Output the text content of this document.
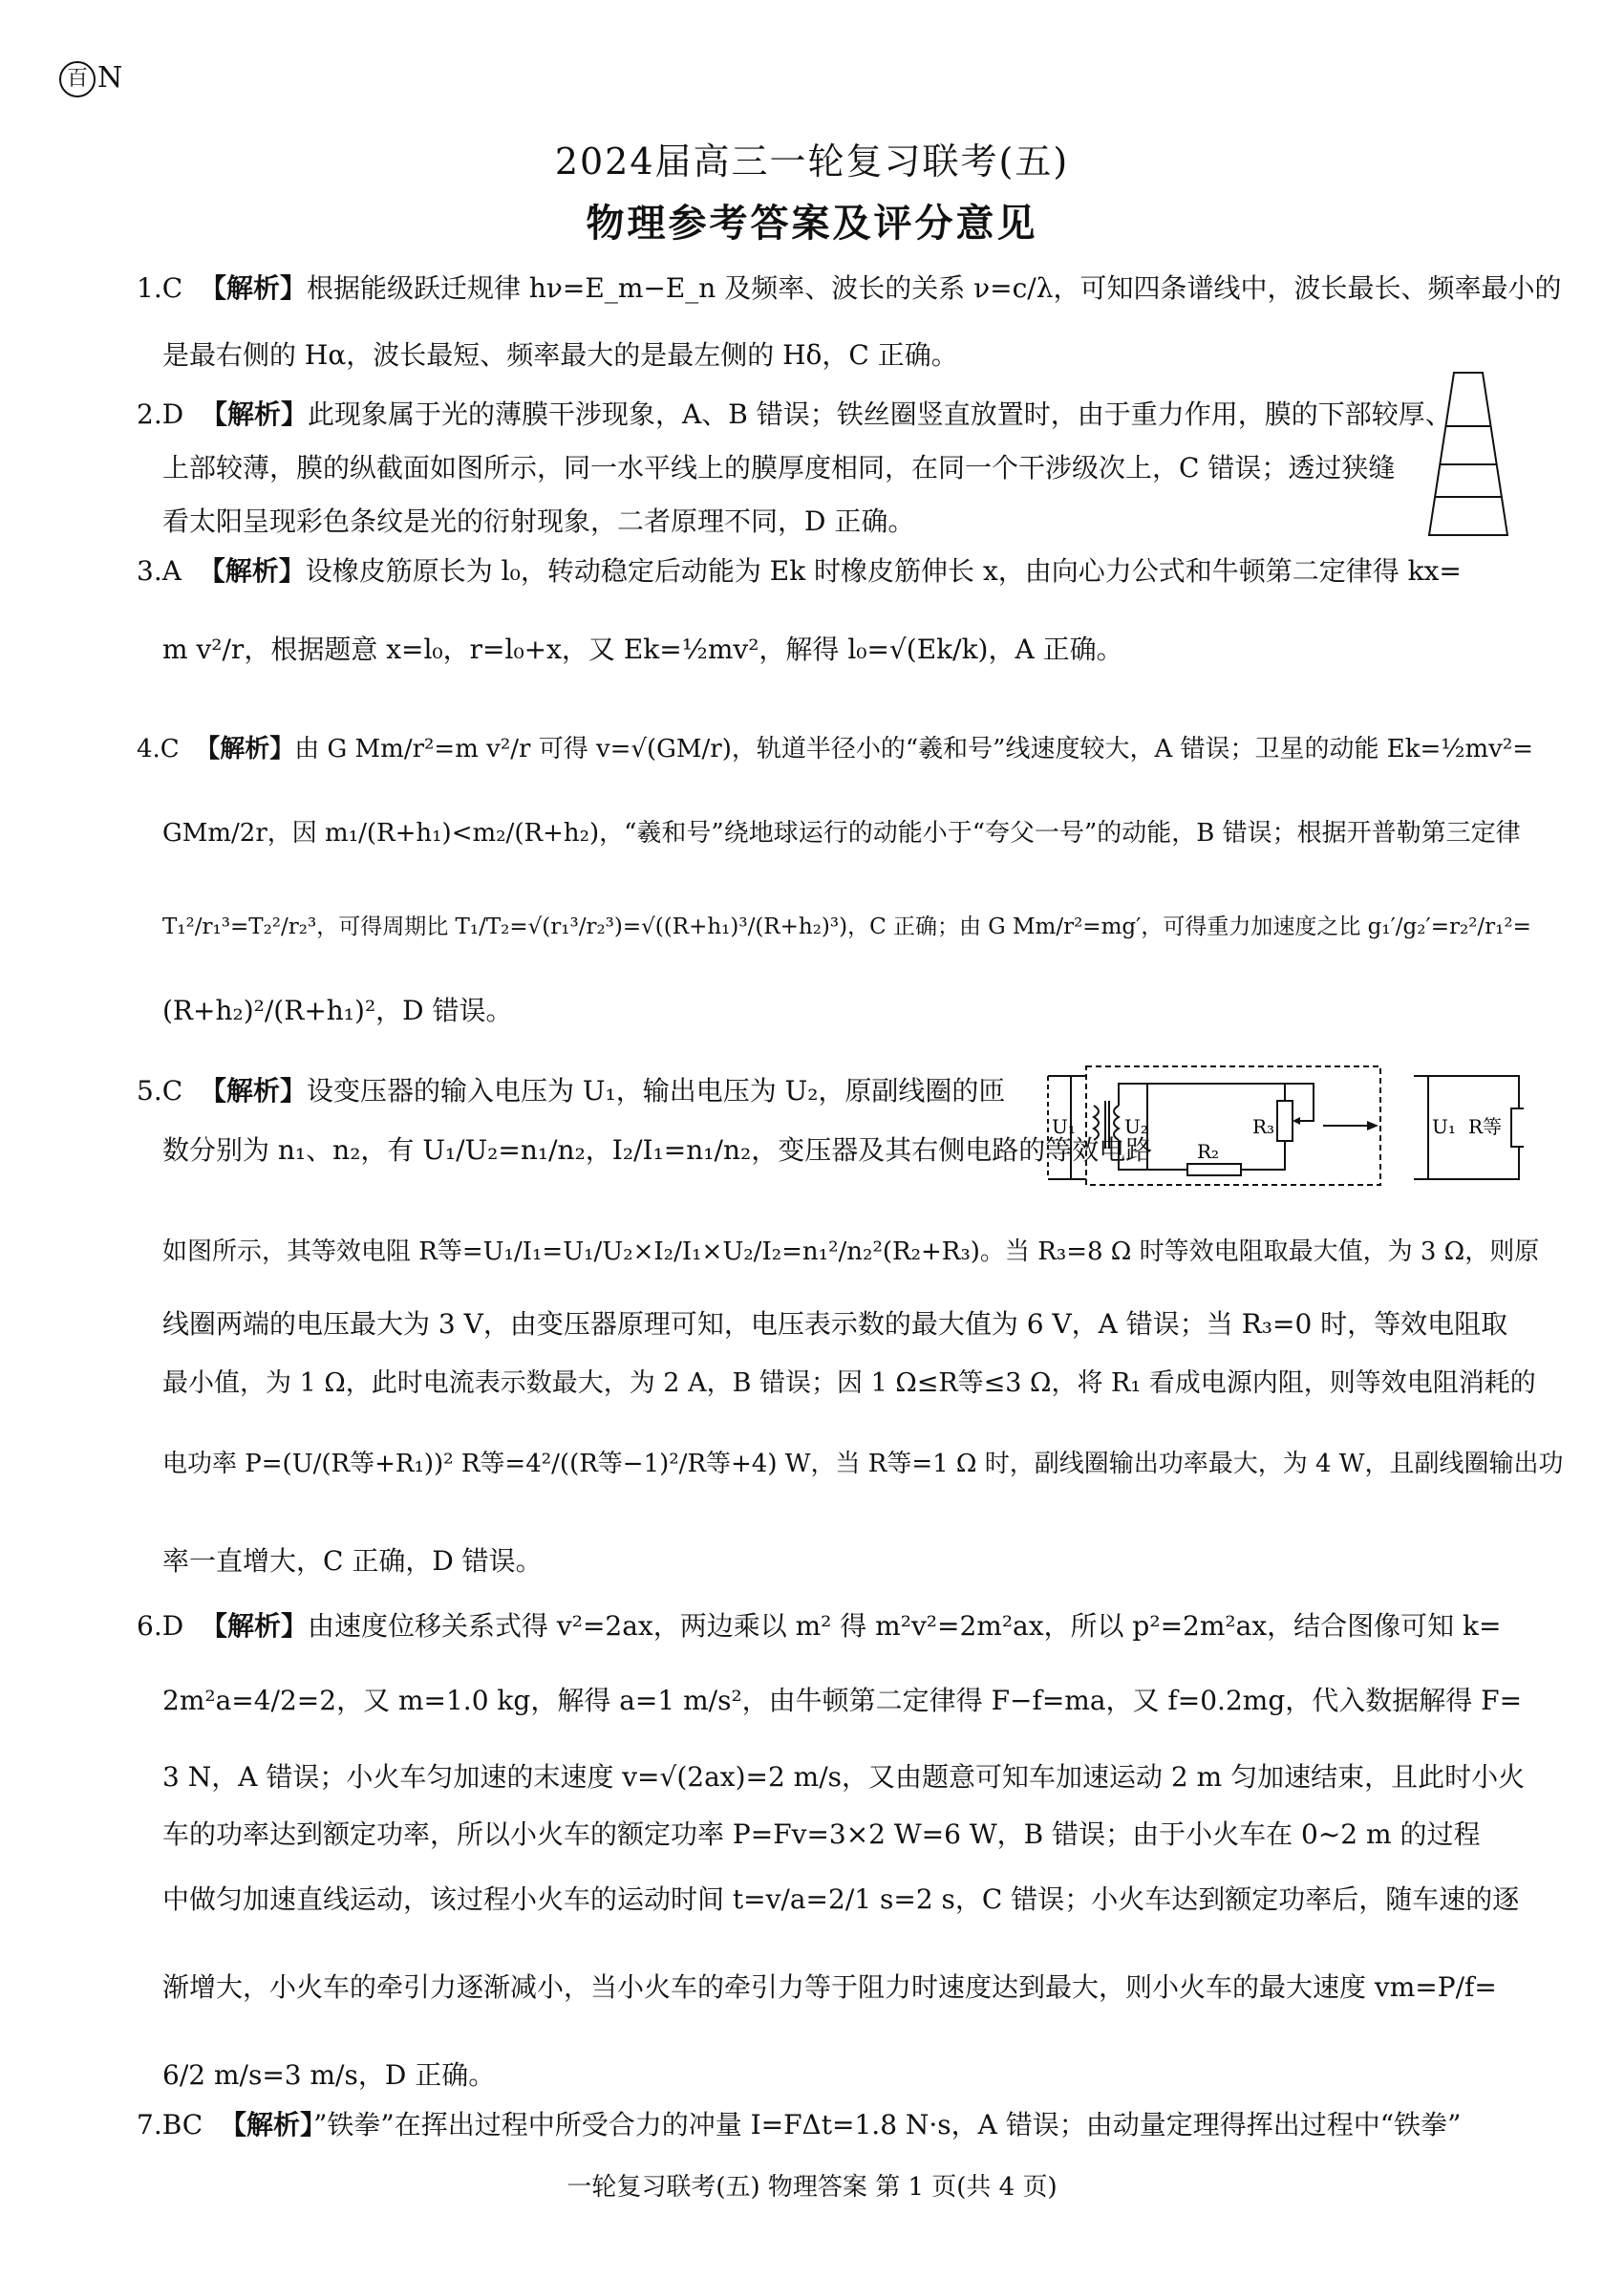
百 N
2024届高三一轮复习联考(五)
物理参考答案及评分意见
1.C 【解析】根据能级跃迁规律 hν=E_m−E_n 及频率、波长的关系 ν=c/λ，可知四条谱线中，波长最长、频率最小的
是最右侧的 Hα，波长最短、频率最大的是最左侧的 Hδ，C 正确。
2.D 【解析】此现象属于光的薄膜干涉现象，A、B 错误；铁丝圈竖直放置时，由于重力作用，膜的下部较厚、
上部较薄，膜的纵截面如图所示，同一水平线上的膜厚度相同，在同一个干涉级次上，C 错误；透过狭缝
看太阳呈现彩色条纹是光的衍射现象，二者原理不同，D 正确。
3.A 【解析】设橡皮筋原长为 l₀，转动稳定后动能为 Ek 时橡皮筋伸长 x，由向心力公式和牛顿第二定律得 kx=
m v²/r，根据题意 x=l₀，r=l₀+x，又 Ek=½mv²，解得 l₀=√(Ek/k)，A 正确。
4.C 【解析】由 G Mm/r²=m v²/r 可得 v=√(GM/r)，轨道半径小的“羲和号”线速度较大，A 错误；卫星的动能 Ek=½mv²=
GMm/2r，因 m₁/(R+h₁)<m₂/(R+h₂)，“羲和号”绕地球运行的动能小于“夸父一号”的动能，B 错误；根据开普勒第三定律
T₁²/r₁³=T₂²/r₂³，可得周期比 T₁/T₂=√(r₁³/r₂³)=√((R+h₁)³/(R+h₂)³)，C 正确；由 G Mm/r²=mg′，可得重力加速度之比 g₁′/g₂′=r₂²/r₁²=
(R+h₂)²/(R+h₁)²，D 错误。
5.C 【解析】设变压器的输入电压为 U₁，输出电压为 U₂，原副线圈的匝
数分别为 n₁、n₂，有 U₁/U₂=n₁/n₂，I₂/I₁=n₁/n₂，变压器及其右侧电路的等效电路
如图所示，其等效电阻 R等=U₁/I₁=U₁/U₂×I₂/I₁×U₂/I₂=n₁²/n₂²(R₂+R₃)。当 R₃=8 Ω 时等效电阻取最大值，为 3 Ω，则原
线圈两端的电压最大为 3 V，由变压器原理可知，电压表示数的最大值为 6 V，A 错误；当 R₃=0 时，等效电阻取
最小值，为 1 Ω，此时电流表示数最大，为 2 A，B 错误；因 1 Ω≤R等≤3 Ω，将 R₁ 看成电源内阻，则等效电阻消耗的
电功率 P=(U/(R等+R₁))² R等=4²/((R等−1)²/R等+4) W，当 R等=1 Ω 时，副线圈输出功率最大，为 4 W，且副线圈输出功
率一直增大，C 正确，D 错误。
U₁	U₂	R₃
R₂
U₁ R等
6.D 【解析】由速度位移关系式得 v²=2ax，两边乘以 m² 得 m²v²=2m²ax，所以 p²=2m²ax，结合图像可知 k=
2m²a=4/2=2，又 m=1.0 kg，解得 a=1 m/s²，由牛顿第二定律得 F−f=ma，又 f=0.2mg，代入数据解得 F=
3 N，A 错误；小火车匀加速的末速度 v=√(2ax)=2 m/s，又由题意可知车加速运动 2 m 匀加速结束，且此时小火
车的功率达到额定功率，所以小火车的额定功率 P=Fv=3×2 W=6 W，B 错误；由于小火车在 0~2 m 的过程
中做匀加速直线运动，该过程小火车的运动时间 t=v/a=2/1 s=2 s，C 错误；小火车达到额定功率后，随车速的逐
渐增大，小火车的牵引力逐渐减小，当小火车的牵引力等于阻力时速度达到最大，则小火车的最大速度 vm=P/f=
6/2 m/s=3 m/s，D 正确。
7.BC 【解析】”铁拳”在挥出过程中所受合力的冲量 I=FΔt=1.8 N·s，A 错误；由动量定理得挥出过程中“铁拳”
一轮复习联考(五) 物理答案 第 1 页(共 4 页)
